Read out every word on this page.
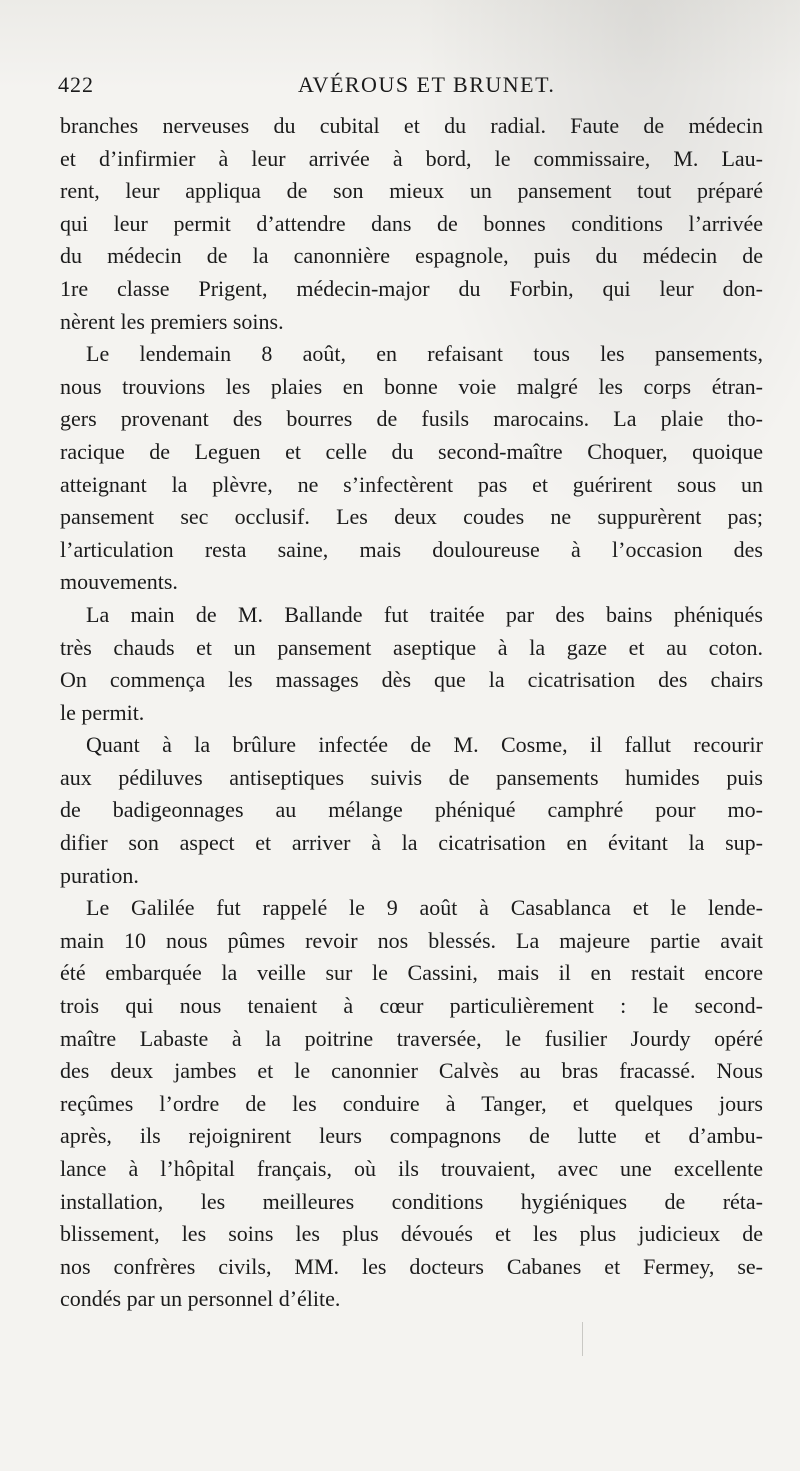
422	AVÉROUS ET BRUNET.
branches nerveuses du cubital et du radial. Faute de médecin
et d’infirmier à leur arrivée à bord, le commissaire, M. Lau-
rent, leur appliqua de son mieux un pansement tout préparé
qui leur permit d’attendre dans de bonnes conditions l’arrivée
du médecin de la canonnière espagnole, puis du médecin de
1re classe Prigent, médecin-major du Forbin, qui leur don-
nèrent les premiers soins.
Le lendemain 8 août, en refaisant tous les pansements,
nous trouvions les plaies en bonne voie malgré les corps étran-
gers provenant des bourres de fusils marocains. La plaie tho-
racique de Leguen et celle du second-maître Choquer, quoique
atteignant la plèvre, ne s’infectèrent pas et guérirent sous un
pansement sec occlusif. Les deux coudes ne suppurèrent pas;
l’articulation resta saine, mais douloureuse à l’occasion des
mouvements.
La main de M. Ballande fut traitée par des bains phéniqués
très chauds et un pansement aseptique à la gaze et au coton.
On commença les massages dès que la cicatrisation des chairs
le permit.
Quant à la brûlure infectée de M. Cosme, il fallut recourir
aux pédiluves antiseptiques suivis de pansements humides puis
de badigeonnages au mélange phéniqué camphré pour mo-
difier son aspect et arriver à la cicatrisation en évitant la sup-
puration.
Le Galilée fut rappelé le 9 août à Casablanca et le lende-
main 10 nous pûmes revoir nos blessés. La majeure partie avait
été embarquée la veille sur le Cassini, mais il en restait encore
trois qui nous tenaient à cœur particulièrement : le second-
maître Labaste à la poitrine traversée, le fusilier Jourdy opéré
des deux jambes et le canonnier Calvès au bras fracassé. Nous
reçûmes l’ordre de les conduire à Tanger, et quelques jours
après, ils rejoignirent leurs compagnons de lutte et d’ambu-
lance à l’hôpital français, où ils trouvaient, avec une excellente
installation, les meilleures conditions hygiéniques de réta-
blissement, les soins les plus dévoués et les plus judicieux de
nos confrères civils, MM. les docteurs Cabanes et Fermey, se-
condés par un personnel d’élite.
